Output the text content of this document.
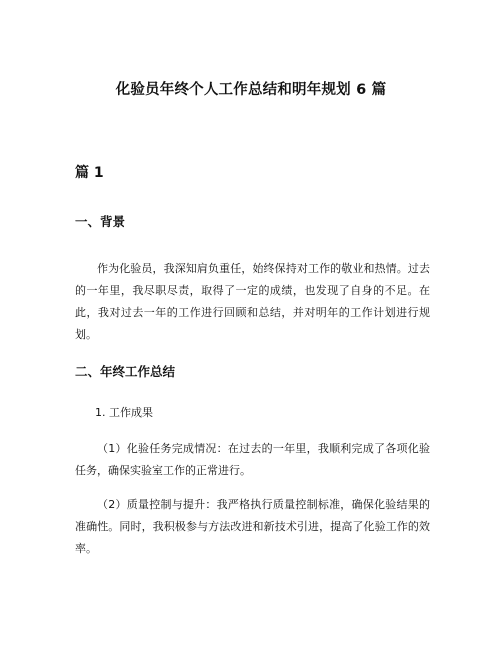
化验员年终个人工作总结和明年规划 6 篇
篇 1
一、背景
作为化验员，我深知肩负重任，始终保持对工作的敬业和热情。过去的一年里，我尽职尽责，取得了一定的成绩，也发现了自身的不足。在此，我对过去一年的工作进行回顾和总结，并对明年的工作计划进行规划。
二、年终工作总结
1. 工作成果
（1）化验任务完成情况：在过去的一年里，我顺利完成了各项化验任务，确保实验室工作的正常进行。
（2）质量控制与提升：我严格执行质量控制标准，确保化验结果的准确性。同时，我积极参与方法改进和新技术引进，提高了化验工作的效率。
